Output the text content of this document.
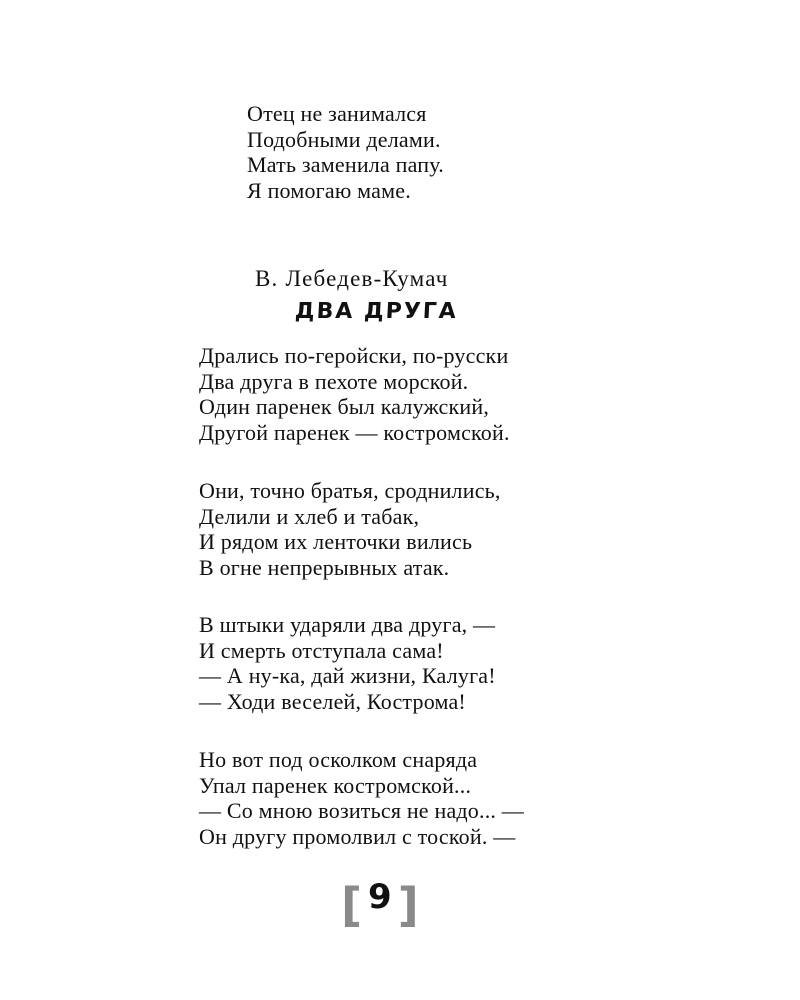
Отец не занимался
Подобными делами.
Мать заменила папу.
Я помогаю маме.
В. Лебедев-Кумач
ДВА ДРУГА
Дрались по-геройски, по-русски
Два друга в пехоте морской.
Один паренек был калужский,
Другой паренек — костромской.
Они, точно братья, сроднились,
Делили и хлеб и табак,
И рядом их ленточки вились
В огне непрерывных атак.
В штыки ударяли два друга, —
И смерть отступала сама!
— А ну-ка, дай жизни, Калуга!
— Ходи веселей, Кострома!
Но вот под осколком снаряда
Упал паренек костромской...
— Со мною возиться не надо... —
Он другу промолвил с тоской. —
[ 9 ]
